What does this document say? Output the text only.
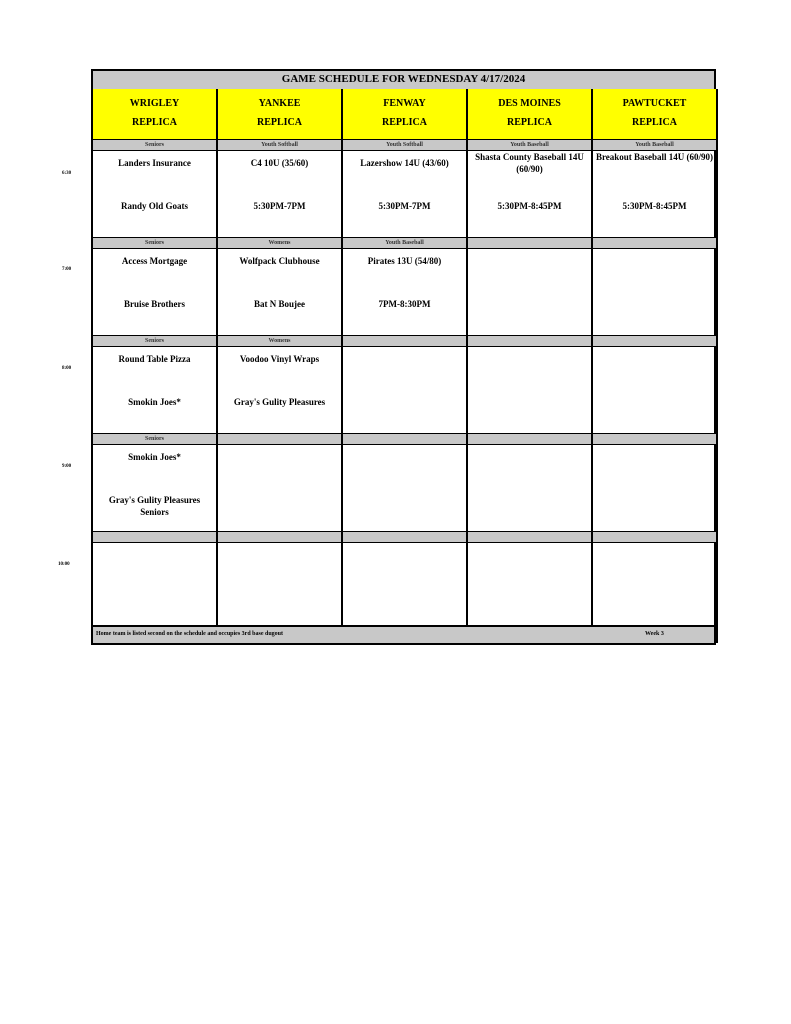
GAME SCHEDULE FOR WEDNESDAY 4/17/2024
WRIGLEY
REPLICA
Seniors
Landers Insurance
Randy Old Goats
Seniors
Access Mortgage
Bruise Brothers
Seniors
Round Table Pizza
Smokin Joes*
Seniors
Smokin Joes*
Gray's Gulity Pleasures Seniors
YANKEE
REPLICA
Youth Softball
C4 10U (35/60)
5:30PM-7PM
Womens
Wolfpack Clubhouse
Bat N Boujee
Womens
Voodoo Vinyl Wraps
Gray's Gulity Pleasures
FENWAY
REPLICA
Youth Softball
Lazershow 14U (43/60)
5:30PM-7PM
Youth Baseball
Pirates 13U (54/80)
7PM-8:30PM
DES MOINES
REPLICA
Youth Baseball
Shasta County Baseball 14U (60/90)
5:30PM-8:45PM
PAWTUCKET
REPLICA
Youth Baseball
Breakout Baseball 14U (60/90)
5:30PM-8:45PM
Home team is listed second on the schedule and occupies 3rd base dugout	Week 3
6:30
7:00
8:00
9:00
10:00
